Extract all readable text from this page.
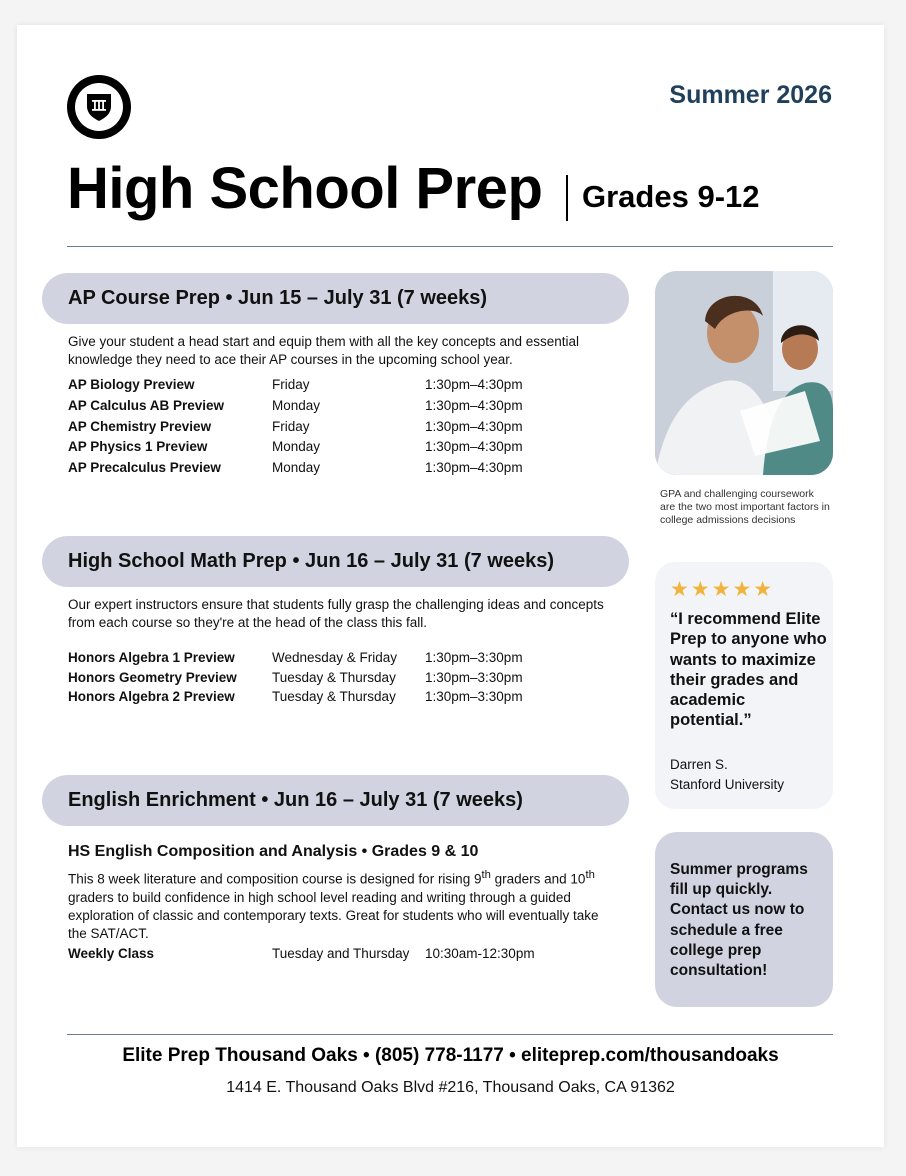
Summer 2026
High School Prep Grades 9-12
AP Course Prep • Jun 15 – July 31 (7 weeks)
Give your student a head start and equip them with all the key concepts and essential knowledge they need to ace their AP courses in the upcoming school year.
AP Biology Preview	Friday	1:30pm–4:30pm
AP Calculus AB Preview	Monday	1:30pm–4:30pm
AP Chemistry Preview	Friday	1:30pm–4:30pm
AP Physics 1 Preview	Monday	1:30pm–4:30pm
AP Precalculus Preview	Monday	1:30pm–4:30pm
High School Math Prep • Jun 16 – July 31 (7 weeks)
Our expert instructors ensure that students fully grasp the challenging ideas and concepts from each course so they're at the head of the class this fall.
Honors Algebra 1 Preview	Wednesday & Friday 1:30pm–3:30pm
Honors Geometry Preview	Tuesday & Thursday 1:30pm–3:30pm
Honors Algebra 2 Preview	Tuesday & Thursday 1:30pm–3:30pm
English Enrichment • Jun 16 – July 31 (7 weeks)
HS English Composition and Analysis • Grades 9 & 10
This 8 week literature and composition course is designed for rising 9th graders and 10th graders to build confidence in high school level reading and writing through a guided exploration of classic and contemporary texts. Great for students who will eventually take the SAT/ACT.
Weekly Class	Tuesday and Thursday 10:30am-12:30pm
GPA and challenging coursework are the two most important factors in college admissions decisions
★★★★★
“I recommend Elite Prep to anyone who wants to maximize their grades and academic potential.”
Darren S.
Stanford University
Summer programs fill up quickly. Contact us now to schedule a free college prep consultation!
Elite Prep Thousand Oaks • (805) 778-1177 • eliteprep.com/thousandoaks
1414 E. Thousand Oaks Blvd #216, Thousand Oaks, CA 91362
